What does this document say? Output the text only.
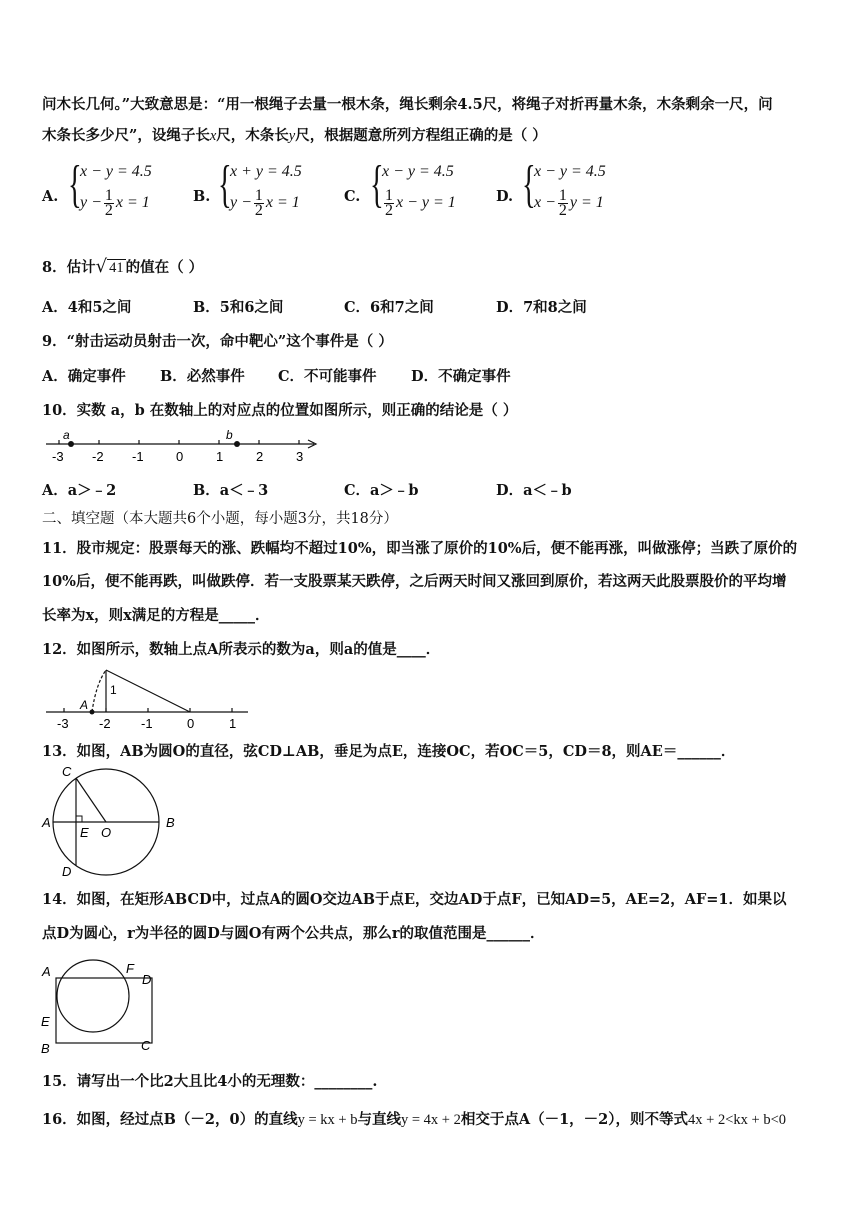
问木长几何。”大致意思是：“用一根绳子去量一根木条，绳长剩余4.5尺，将绳子对折再量木条，木条剩余一尺，问
木条长多少尺”，设绳子长x尺，木条长y尺，根据题意所列方程组正确的是（ ）
A. {
x − y = 4.5
$y - \frac{1}{2}$ x = 1	B. {
x + y = 4.5
$y - \frac{1}{2}$ x = 1	C. {
x − y = 4.5
$\frac{1}{2}$ x − y = 1	D. {
x − y = 4.5
$x - \frac{1}{2}$ y = 1
8．估计√ 41 的值在（ ）
A．4和5之间	B．5和6之间	C．6和7之间	D．7和8之间
9．“射击运动员射击一次，命中靶心”这个事件是（ ）
A．确定事件 B．必然事件 C．不可能事件 D．不确定事件
10．实数 a，b 在数轴上的对应点的位置如图所示，则正确的结论是（ ）
-3 -2 -1 0	1	2	3
a	b
A．a＞﹣2	B．a＜﹣3	C．a＞﹣b	D．a＜﹣b
二、填空题（本大题共6个小题，每小题3分，共18分）
11．股市规定：股票每天的涨、跌幅均不超过10%，即当涨了原价的10%后，便不能再涨，叫做涨停；当跌了原价的
10%后，便不能再跌，叫做跌停．若一支股票某天跌停，之后两天时间又涨回到原价，若这两天此股票股价的平均增
长率为x，则x满足的方程是_____．
12．如图所示，数轴上点A所表示的数为a，则a的值是____．
-3 -2 -1	0	1
A
1
13．如图，AB为圆O的直径，弦CD⊥AB，垂足为点E，连接OC，若OC＝5，CD＝8，则AE＝______．
A	B
C
D
E O
14．如图，在矩形ABCD中，过点A的圆O交边AB于点E，交边AD于点F，已知AD=5，AE=2，AF=1．如果以
点D为圆心，r为半径的圆D与圆O有两个公共点，那么r的取值范围是______．
A	F
D
E
B	C
15．请写出一个比2大且比4小的无理数：________.
16．如图，经过点B（－2，0）的直线y = kx + b与直线y = 4x + 2相交于点A（－1，－2），则不等式4x + 2<kx + b<0
